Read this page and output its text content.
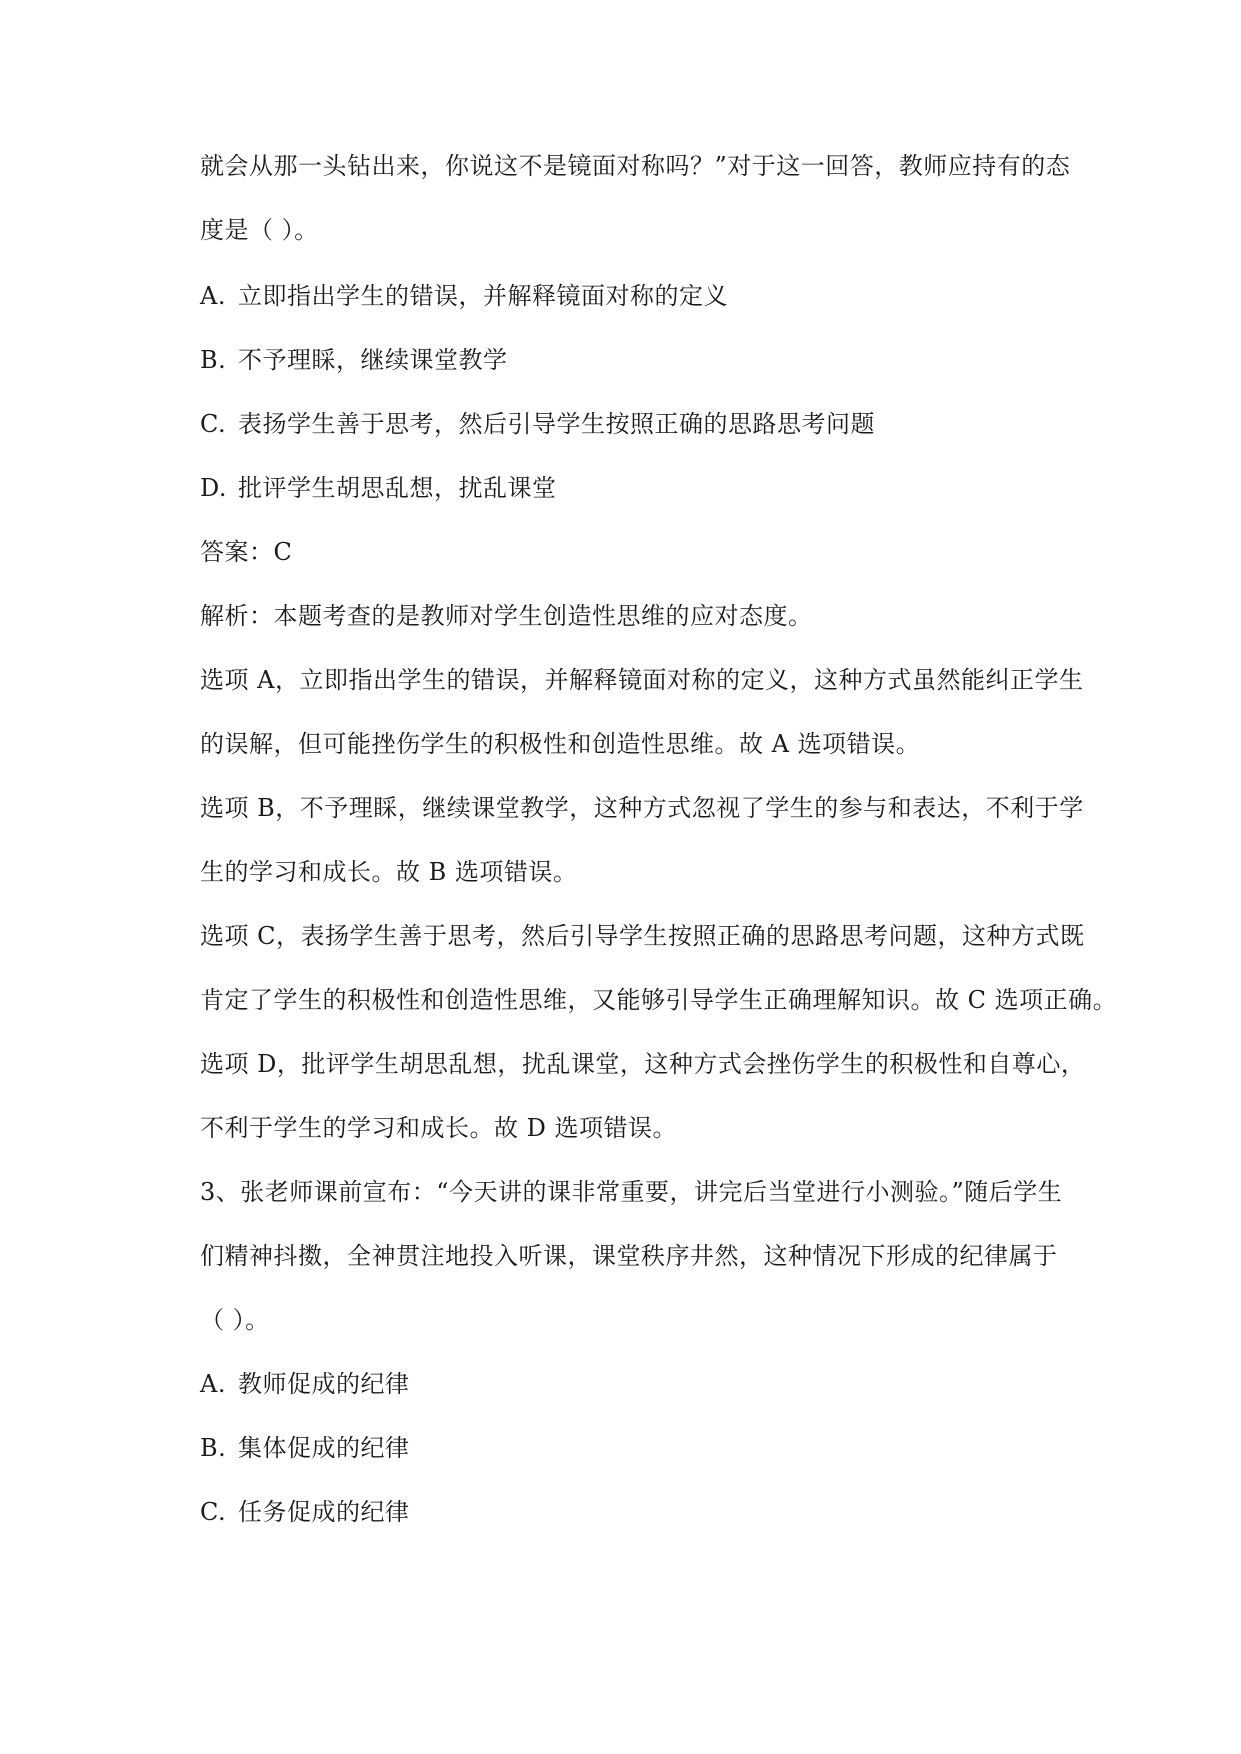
就会从那一头钻出来，你说这不是镜面对称吗？”对于这一回答，教师应持有的态
度是（ ）。
A. 立即指出学生的错误，并解释镜面对称的定义
B. 不予理睬，继续课堂教学
C. 表扬学生善于思考，然后引导学生按照正确的思路思考问题
D. 批评学生胡思乱想，扰乱课堂
答案：C
解析：本题考查的是教师对学生创造性思维的应对态度。
选项 A，立即指出学生的错误，并解释镜面对称的定义，这种方式虽然能纠正学生
的误解，但可能挫伤学生的积极性和创造性思维。故 A 选项错误。
选项 B，不予理睬，继续课堂教学，这种方式忽视了学生的参与和表达，不利于学
生的学习和成长。故 B 选项错误。
选项 C，表扬学生善于思考，然后引导学生按照正确的思路思考问题，这种方式既
肯定了学生的积极性和创造性思维，又能够引导学生正确理解知识。故 C 选项正确。
选项 D，批评学生胡思乱想，扰乱课堂，这种方式会挫伤学生的积极性和自尊心，
不利于学生的学习和成长。故 D 选项错误。
3、张老师课前宣布：“今天讲的课非常重要，讲完后当堂进行小测验。”随后学生
们精神抖擞，全神贯注地投入听课，课堂秩序井然，这种情况下形成的纪律属于
（ ）。
A. 教师促成的纪律
B. 集体促成的纪律
C. 任务促成的纪律
